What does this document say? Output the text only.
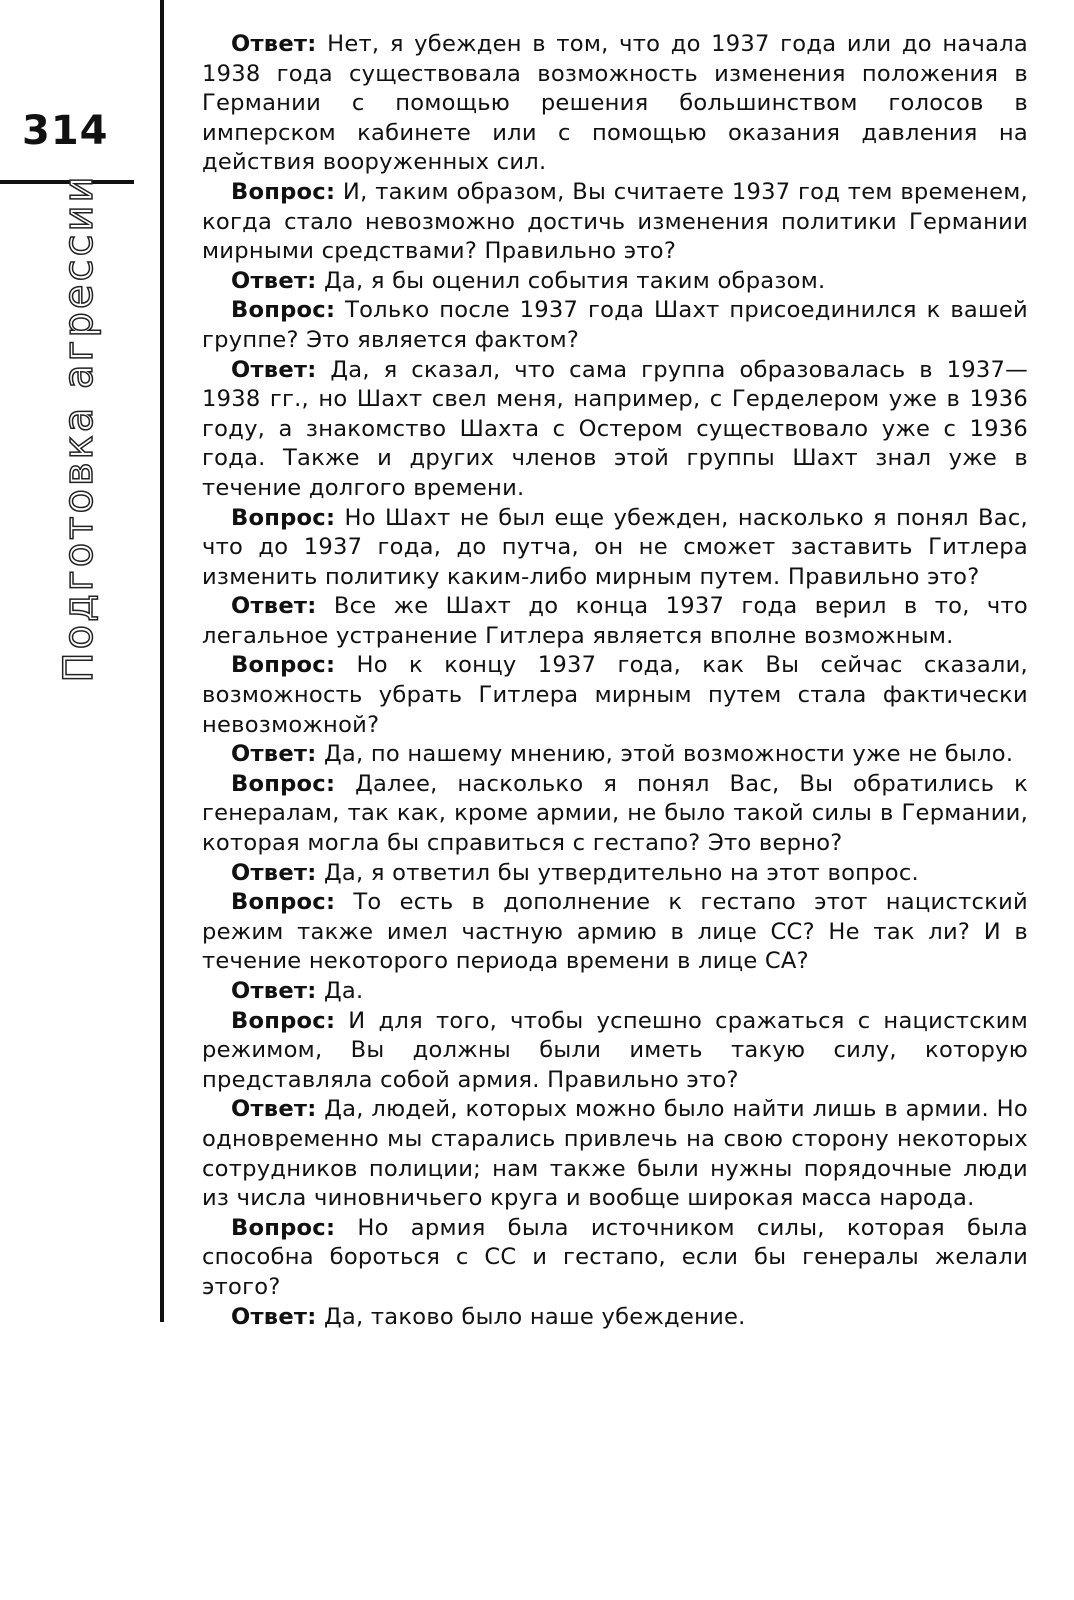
314
Подготовка агрессии

Ответ: Нет, я убежден в том, что до 1937 года или до начала 1938 года существовала возможность изменения положения в Германии с помощью решения большинством голосов в имперском кабинете или с помощью оказания давления на действия вооруженных сил.

Вопрос: И, таким образом, Вы считаете 1937 год тем временем, когда стало невозможно достичь изменения политики Германии мирными средствами? Правильно это?

Ответ: Да, я бы оценил события таким образом.

Вопрос: Только после 1937 года Шахт присоединился к вашей группе? Это является фактом?

Ответ: Да, я сказал, что сама группа образовалась в 1937—1938 гг., но Шахт свел меня, например, с Герделером уже в 1936 году, а знакомство Шахта с Остером существовало уже с 1936 года. Также и других членов этой группы Шахт знал уже в течение долгого времени.

Вопрос: Но Шахт не был еще убежден, насколько я понял Вас, что до 1937 года, до путча, он не сможет заставить Гитлера изменить политику каким-либо мирным путем. Правильно это?

Ответ: Все же Шахт до конца 1937 года верил в то, что легальное устранение Гитлера является вполне возможным.

Вопрос: Но к концу 1937 года, как Вы сейчас сказали, возможность убрать Гитлера мирным путем стала фактически невозможной?

Ответ: Да, по нашему мнению, этой возможности уже не было.

Вопрос: Далее, насколько я понял Вас, Вы обратились к генералам, так как, кроме армии, не было такой силы в Германии, которая могла бы справиться с гестапо? Это верно?

Ответ: Да, я ответил бы утвердительно на этот вопрос.

Вопрос: То есть в дополнение к гестапо этот нацистский режим также имел частную армию в лице СС? Не так ли? И в течение некоторого периода времени в лице СА?

Ответ: Да.

Вопрос: И для того, чтобы успешно сражаться с нацистским режимом, Вы должны были иметь такую силу, которую представляла собой армия. Правильно это?

Ответ: Да, людей, которых можно было найти лишь в армии. Но одновременно мы старались привлечь на свою сторону некоторых сотрудников полиции; нам также были нужны порядочные люди из числа чиновничьего круга и вообще широкая масса народа.

Вопрос: Но армия была источником силы, которая была способна бороться с СС и гестапо, если бы генералы желали этого?

Ответ: Да, таково было наше убеждение.
